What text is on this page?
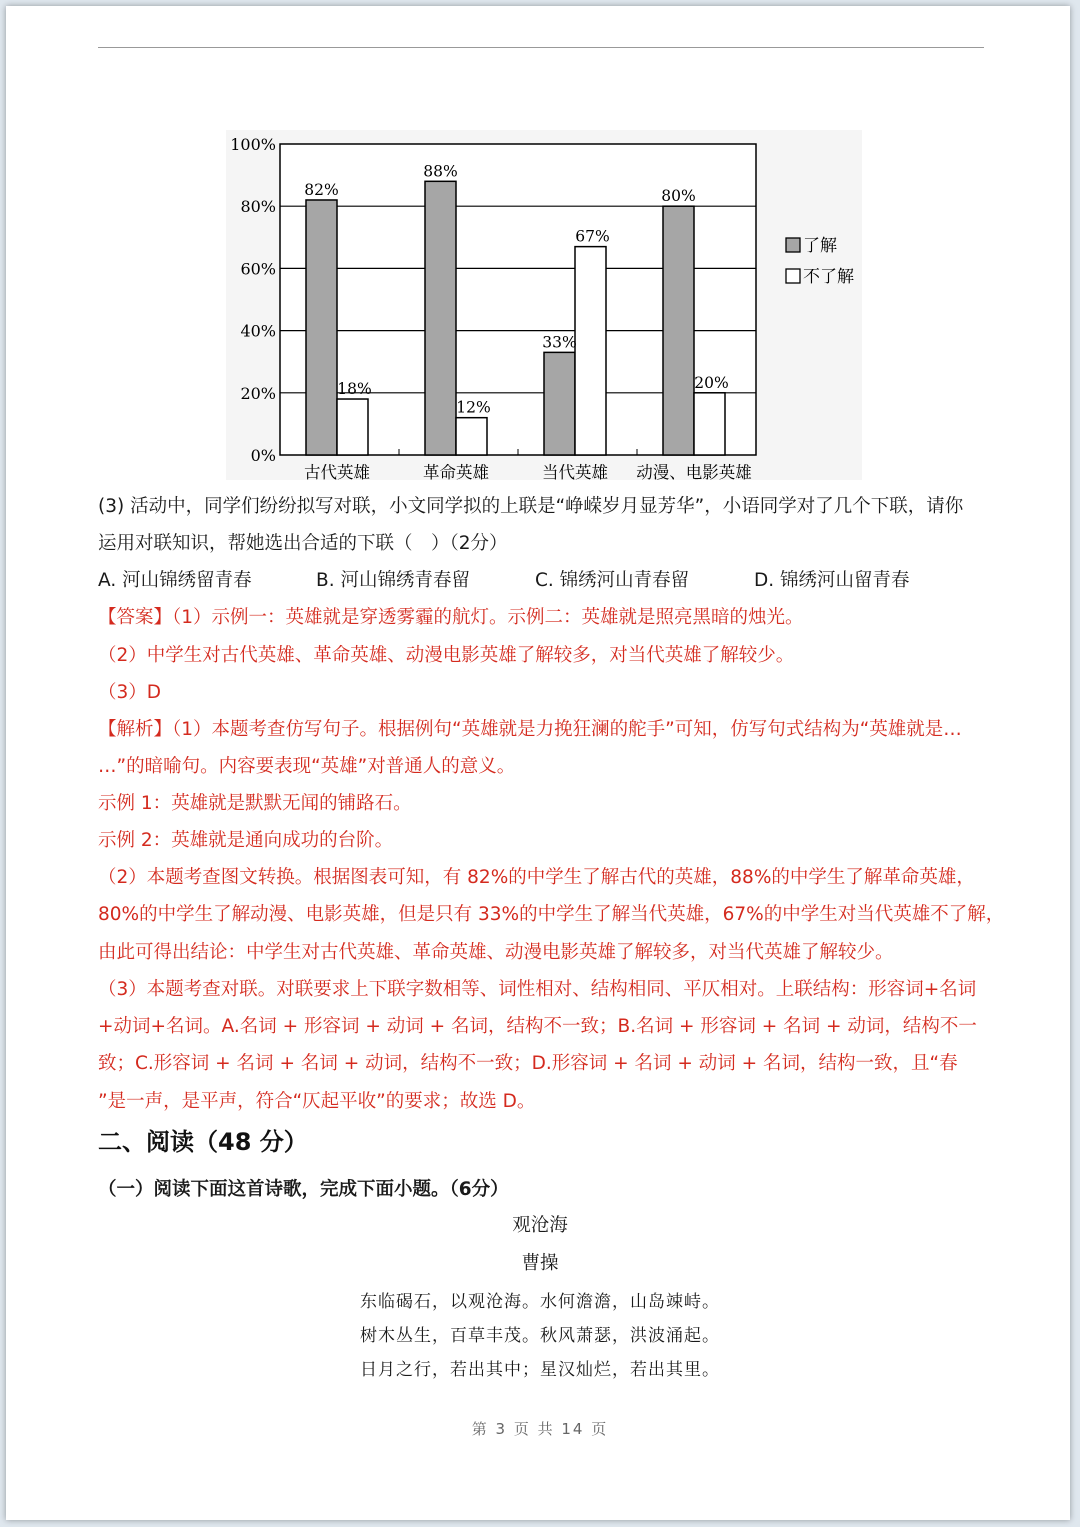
82%
18%
88%
12%
33%
67%
80%
20%
0%
20%
40%
60%
80%
100%
古代英雄	革命英雄	当代英雄 动漫、电影英雄
了解
不了解
(3) 活动中，同学们纷纷拟写对联，小文同学拟的上联是“峥嵘岁月显芳华”，小语同学对了几个下联，请你
运用对联知识，帮她选出合适的下联（　）（2分）
A. 河山锦绣留青春	B. 河山锦绣青春留	C. 锦绣河山青春留	D. 锦绣河山留青春
【答案】（1）示例一：英雄就是穿透雾霾的航灯。示例二：英雄就是照亮黑暗的烛光。
（2）中学生对古代英雄、革命英雄、动漫电影英雄了解较多，对当代英雄了解较少。
（3）D
【解析】（1）本题考查仿写句子。根据例句“英雄就是力挽狂澜的舵手”可知，仿写句式结构为“英雄就是…
…”的暗喻句。内容要表现“英雄”对普通人的意义。
示例 1：英雄就是默默无闻的铺路石。
示例 2：英雄就是通向成功的台阶。
（2）本题考查图文转换。根据图表可知，有 82%的中学生了解古代的英雄，88%的中学生了解革命英雄，
80%的中学生了解动漫、电影英雄，但是只有 33%的中学生了解当代英雄，67%的中学生对当代英雄不了解，
由此可得出结论：中学生对古代英雄、革命英雄、动漫电影英雄了解较多，对当代英雄了解较少。
（3）本题考查对联。对联要求上下联字数相等、词性相对、结构相同、平仄相对。上联结构：形容词+名词
+动词+名词。A.名词 + 形容词 + 动词 + 名词，结构不一致；B.名词 + 形容词 + 名词 + 动词，结构不一
致；C.形容词 + 名词 + 名词 + 动词，结构不一致；D.形容词 + 名词 + 动词 + 名词，结构一致，且“春
”是一声，是平声，符合“仄起平收”的要求；故选 D。
二、阅读（48 分）
（一）阅读下面这首诗歌，完成下面小题。（6分）
观沧海
曹操
东临碣石，以观沧海。水何澹澹，山岛竦峙。
树木丛生，百草丰茂。秋风萧瑟，洪波涌起。
日月之行，若出其中；星汉灿烂，若出其里。
第 3 页 共 14 页
